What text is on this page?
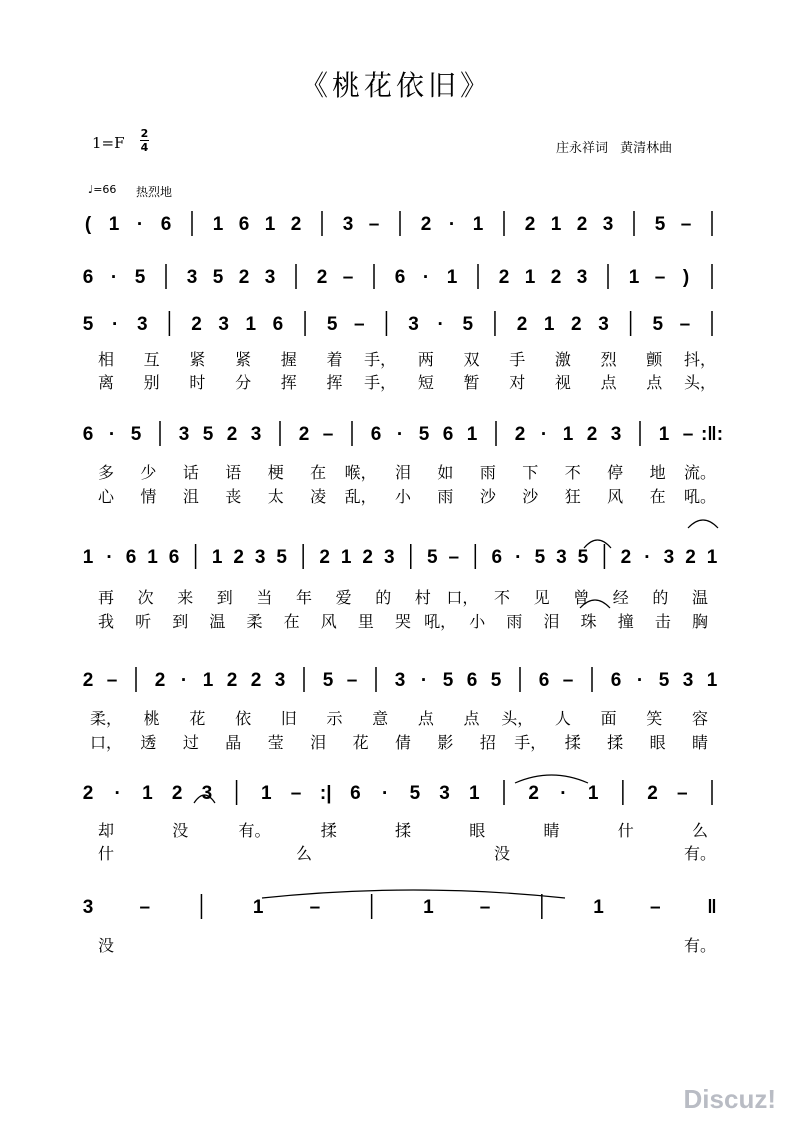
《桃花依旧》
1=F
2
4	庄永祥词 黄清林曲
♩=66 热烈地
( 1 · 6 1 6 1 2 3 – 2 · 1 2 1 2 3 5 –
6 · 5 3 5 2 3 2 – 6 · 1 2 1 2 3 1 – )
5 · 3 2 3 1 6 5 – 3 · 5 2 1 2 3 5 –
相 互 紧 紧 握 着 手， 两 双 手 激 烈 颤 抖，
离 别 时 分 挥 挥 手， 短 暂 对 视 点 点 头，
6 · 5 3 5 2 3 2 – 6 · 5 6 1 2 · 1 2 3 1 – :‖:
多 少 话 语 梗 在 喉， 泪 如 雨 下 不 停 地 流。
心 情 沮 丧 太 凌 乱， 小 雨 沙 沙 狂 风 在 吼。
1 · 6 1 6 1 2 3 5 2 1 2 3 5 – 6 · 5 3 5 2 · 3 2 1
再 次 来 到 当 年 爱 的 村 口， 不 见 曾 经 的 温
我 听 到 温 柔 在 风 里 哭 吼， 小 雨 泪 珠 撞 击 胸
2 – 2 · 1 2 2 3 5 – 3 · 5 6 5 6 – 6 · 5 3 1
柔， 桃 花 依 旧 示 意 点 点 头， 人 面 笑 容
口， 透 过 晶 莹 泪 花 倩 影 招 手， 揉 揉 眼 睛
2 · 1 2 3	1 – :| 6 · 5 3 1	2 · 1	2 –
却	没	有。	揉	揉	眼	睛	什	么
什	么	没	有。
3 –	1 –	1 –	1 – ‖
没	有。
Discuz!
